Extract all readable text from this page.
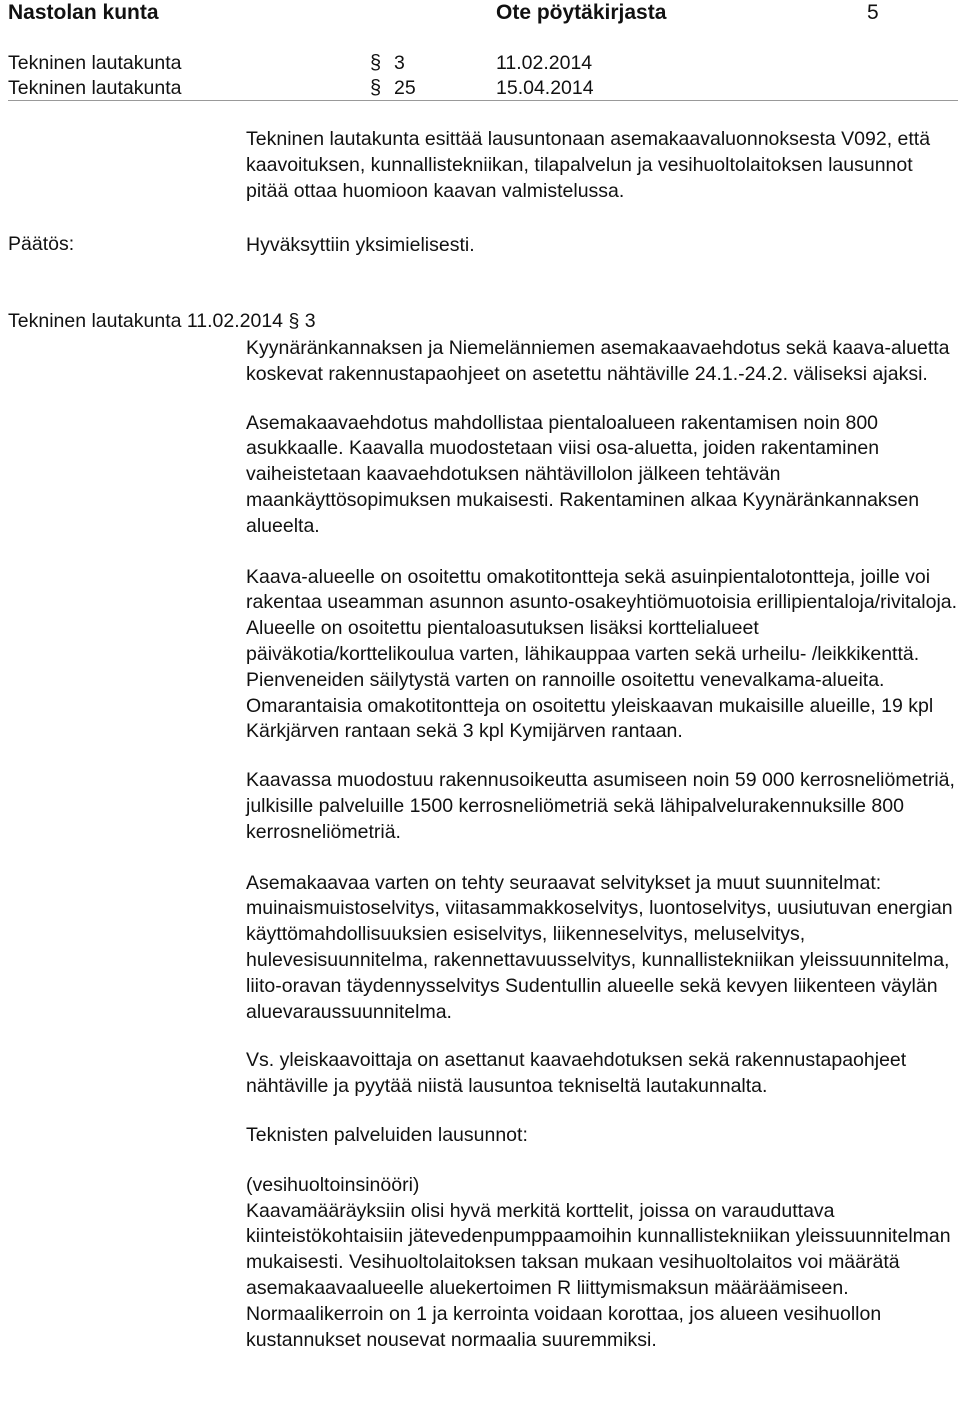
Nastolan kunta	Ote pöytäkirjasta	5
Tekninen lautakunta	§ 3	11.02.2014
Tekninen lautakunta	§ 25	15.04.2014

Tekninen lautakunta esittää lausuntonaan asemakaavaluonnoksesta V092, että kaavoituksen, kunnallistekniikan, tilapalvelun ja vesihuoltolaitoksen lausunnot pitää ottaa huomioon kaavan valmistelussa.

Päätös:	Hyväksyttiin yksimielisesti.

Tekninen lautakunta 11.02.2014 § 3

Kyynäränkannaksen ja Niemelänniemen asemakaavaehdotus sekä kaava-aluetta koskevat rakennustapaohjeet on asetettu nähtäville 24.1.-24.2. väliseksi ajaksi.

Asemakaavaehdotus mahdollistaa pientaloalueen rakentamisen noin 800 asukkaalle. Kaavalla muodostetaan viisi osa-aluetta, joiden rakentaminen vaiheistetaan kaavaehdotuksen nähtävillolon jälkeen tehtävän maankäyttösopimuksen mukaisesti. Rakentaminen alkaa Kyynäränkannaksen alueelta.

Kaava-alueelle on osoitettu omakotitontteja sekä asuinpientalotontteja, joille voi rakentaa useamman asunnon asunto-osakeyhtiömuotoisia erillipientaloja/rivitaloja. Alueelle on osoitettu pientaloasutuksen lisäksi korttelialueet päiväkotia/korttelikoulua varten, lähikauppaa varten sekä urheilu- /leikkikenttä. Pienveneiden säilytystä varten on rannoille osoitettu venevalkama-alueita. Omarantaisia omakotitontteja on osoitettu yleiskaavan mukaisille alueille, 19 kpl Kärkjärven rantaan sekä 3 kpl Kymijärven rantaan.

Kaavassa muodostuu rakennusoikeutta asumiseen noin 59 000 kerrosneliömetriä, julkisille palveluille 1500 kerrosneliömetriä sekä lähipalvelurakennuksille 800 kerrosneliömetriä.

Asemakaavaa varten on tehty seuraavat selvitykset ja muut suunnitelmat: muinaismuistoselvitys, viitasammakkoselvitys, luontoselvitys, uusiutuvan energian käyttömahdollisuuksien esiselvitys, liikenneselvitys, meluselvitys, hulevesisuunnitelma, rakennettavuusselvitys, kunnallistekniikan yleissuunnitelma, liito-oravan täydennysselvitys Sudentullin alueelle sekä kevyen liikenteen väylän aluevaraussuunnitelma.

Vs. yleiskaavoittaja on asettanut kaavaehdotuksen sekä rakennustapaohjeet nähtäville ja pyytää niistä lausuntoa tekniseltä lautakunnalta.

Teknisten palveluiden lausunnot:

(vesihuoltoinsinööri)

Kaavamääräyksiin olisi hyvä merkitä korttelit, joissa on varauduttava kiinteistökohtaisiin jätevedenpumppaamoihin kunnallistekniikan yleissuunnitelman mukaisesti. Vesihuoltolaitoksen taksan mukaan vesihuoltolaitos voi määrätä asemakaavaalueelle aluekertoimen R liittymismaksun määräämiseen. Normaalikerroin on 1 ja kerrointa voidaan korottaa, jos alueen vesihuollon kustannukset nousevat normaalia suuremmiksi.
